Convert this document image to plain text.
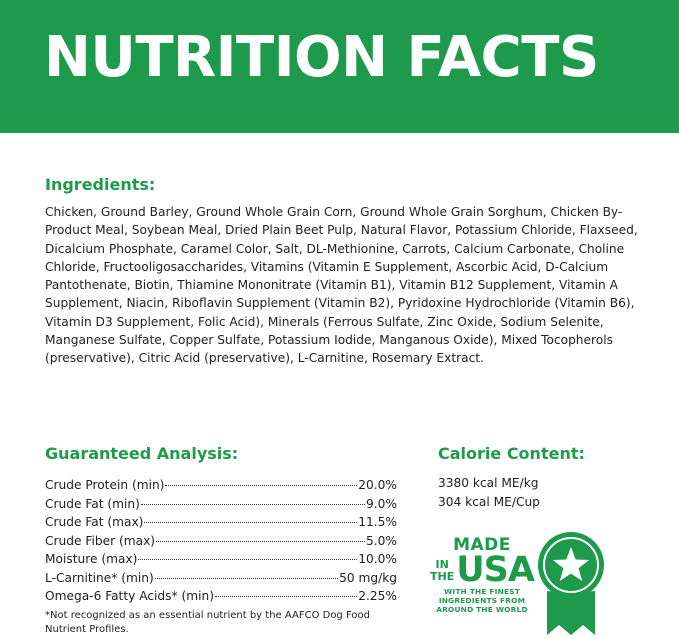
NUTRITION FACTS
Ingredients:

Chicken, Ground Barley, Ground Whole Grain Corn, Ground Whole Grain Sorghum, Chicken By-Product Meal, Soybean Meal, Dried Plain Beet Pulp, Natural Flavor, Potassium Chloride, Flaxseed, Dicalcium Phosphate, Caramel Color, Salt, DL-Methionine, Carrots, Calcium Carbonate, Choline Chloride, Fructooligosaccharides, Vitamins (Vitamin E Supplement, Ascorbic Acid, D-Calcium Pantothenate, Biotin, Thiamine Mononitrate (Vitamin B1), Vitamin B12 Supplement, Vitamin A Supplement, Niacin, Riboflavin Supplement (Vitamin B2), Pyridoxine Hydrochloride (Vitamin B6), Vitamin D3 Supplement, Folic Acid), Minerals (Ferrous Sulfate, Zinc Oxide, Sodium Selenite, Manganese Sulfate, Copper Sulfate, Potassium Iodide, Manganous Oxide), Mixed Tocopherols (preservative), Citric Acid (preservative), L-Carnitine, Rosemary Extract.

Guaranteed Analysis:
Crude Protein (min)	20.0%
Crude Fat (min)	9.0%
Crude Fat (max)	11.5%
Crude Fiber (max)	5.0%
Moisture (max)	10.0%
L-Carnitine* (min)	50 mg/kg
Omega-6 Fatty Acids* (min)	2.25%

*Not recognized as an essential nutrient by the AAFCO Dog Food Nutrient Profiles.

Calorie Content:
3380 kcal ME/kg
304 kcal ME/Cup
MADE
IN THE USA
WITH THE FINEST
INGREDIENTS FROM
AROUND THE WORLD
